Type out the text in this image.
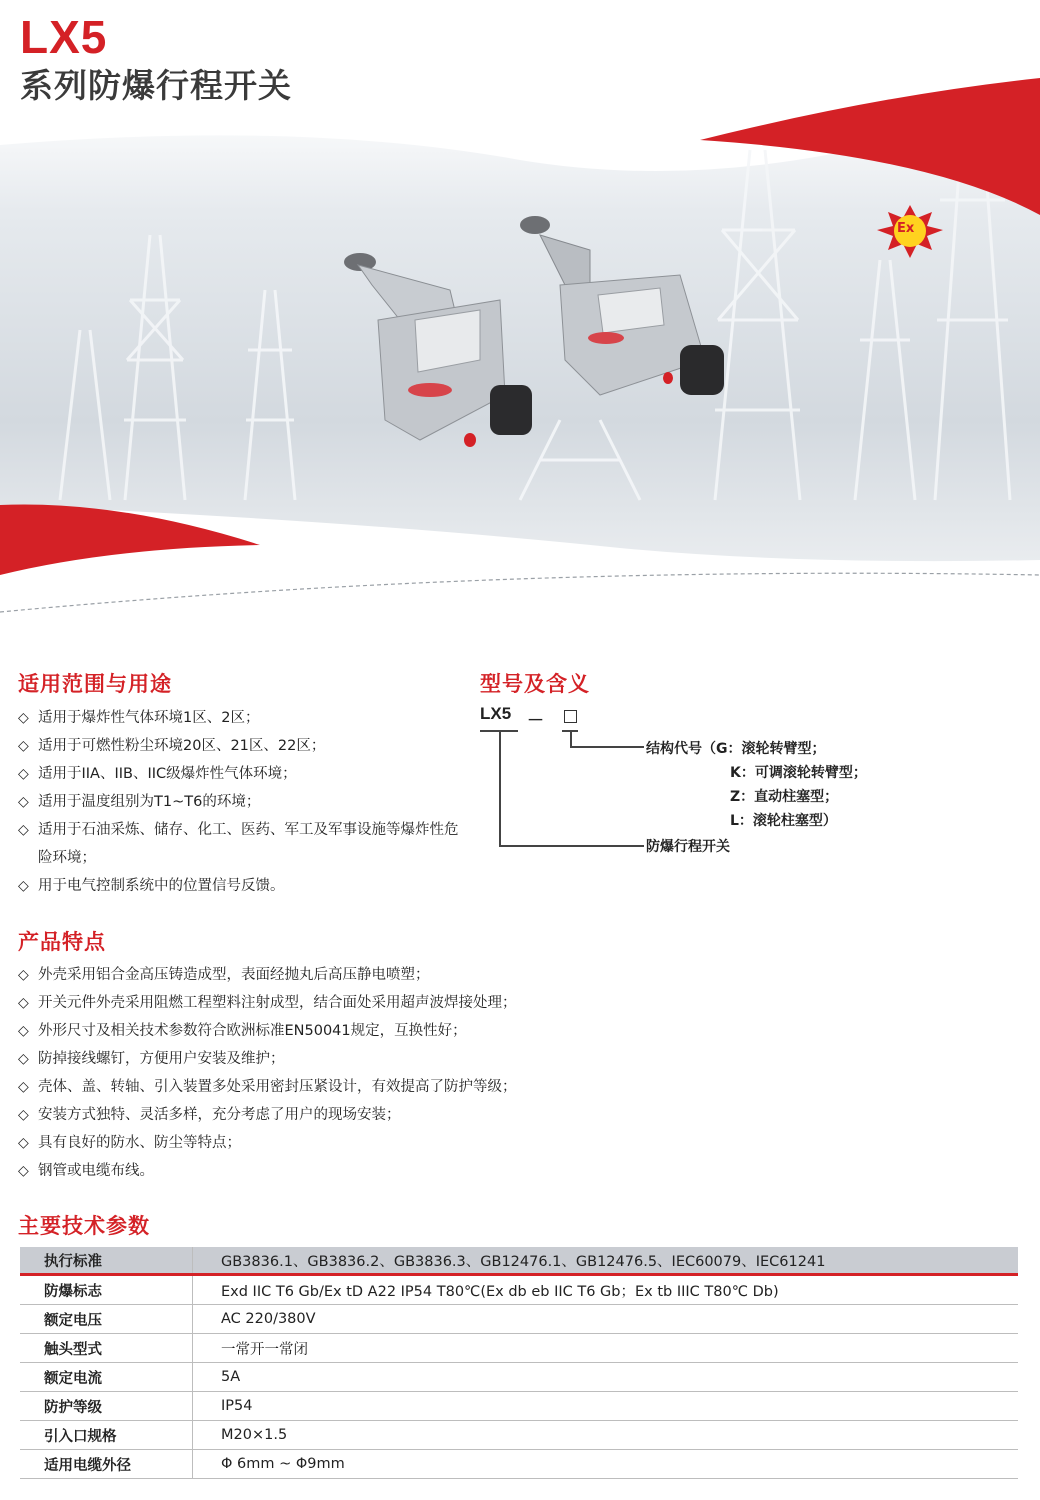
Ex
LX5
系列防爆行程开关
适用范围与用途
◇ 适用于爆炸性气体环境1区、2区；
◇ 适用于可燃性粉尘环境20区、21区、22区；
◇ 适用于IIA、IIB、IIC级爆炸性气体环境；
◇ 适用于温度组别为T1~T6的环境；
◇ 适用于石油采炼、储存、化工、医药、军工及军事设施等爆炸性危险环境；
◇ 用于电气控制系统中的位置信号反馈。
型号及含义
LX5 －
结构代号（G：滚轮转臂型；
K：可调滚轮转臂型；
Z：直动柱塞型；
L：滚轮柱塞型）
防爆行程开关
产品特点
◇ 外壳采用铝合金高压铸造成型，表面经抛丸后高压静电喷塑；
◇ 开关元件外壳采用阻燃工程塑料注射成型，结合面处采用超声波焊接处理；
◇ 外形尺寸及相关技术参数符合欧洲标准EN50041规定，互换性好；
◇ 防掉接线螺钉，方便用户安装及维护；
◇ 壳体、盖、转轴、引入装置多处采用密封压紧设计，有效提高了防护等级；
◇ 安装方式独特、灵活多样，充分考虑了用户的现场安装；
◇ 具有良好的防水、防尘等特点；
◇ 钢管或电缆布线。
主要技术参数
执行标准	GB3836.1、GB3836.2、GB3836.3、GB12476.1、GB12476.5、IEC60079、IEC61241
防爆标志	Exd IIC T6 Gb/Ex tD A22 IP54 T80℃(Ex db eb IIC T6 Gb；Ex tb IIIC T80℃ Db)
额定电压	AC 220/380V
触头型式	一常开一常闭
额定电流	5A
防护等级	IP54
引入口规格	M20×1.5
适用电缆外径	Φ 6mm ~ Φ9mm
